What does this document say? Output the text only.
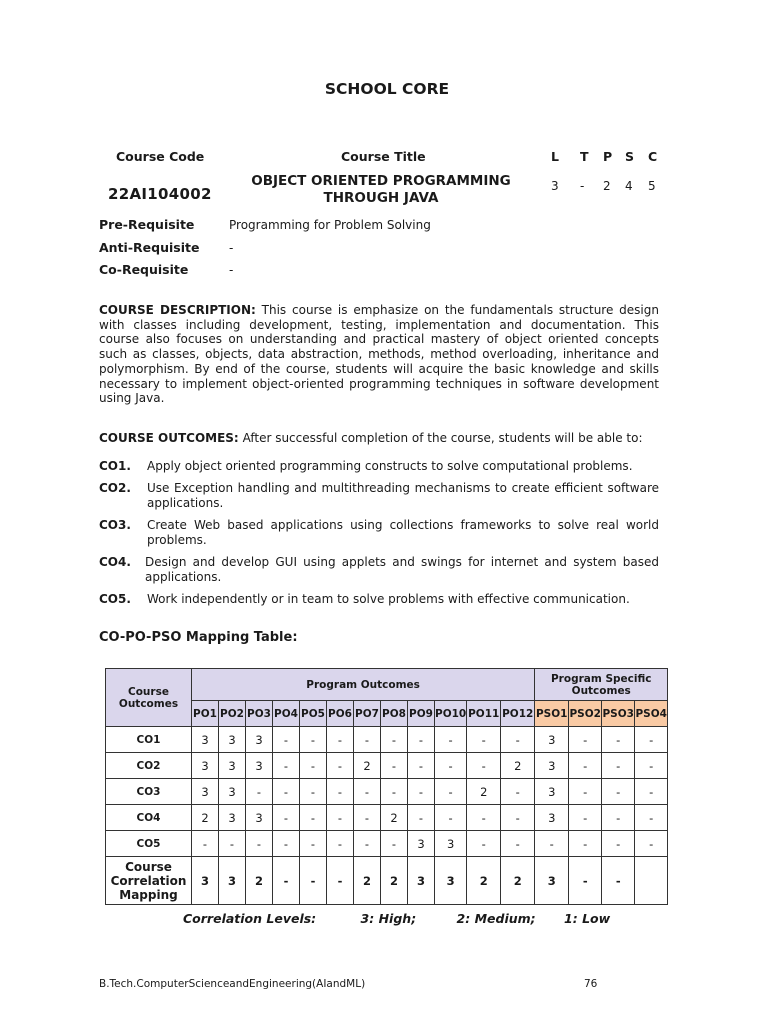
SCHOOL CORE
Course Code	Course Title	L T P S C
22AI104002
OBJECT ORIENTED PROGRAMMING
THROUGH JAVA
3 - 2 4 5
Pre-Requisite	Programming for Problem Solving
Anti-Requisite -
Co-Requisite	-
COURSE DESCRIPTION: This course is emphasize on the fundamentals structure design with classes including development, testing, implementation and documentation. This course also focuses on understanding and practical mastery of object oriented concepts such as classes, objects, data abstraction, methods, method overloading, inheritance and polymorphism. By end of the course, students will acquire the basic knowledge and skills necessary to implement object-oriented programming techniques in software development using Java.
COURSE OUTCOMES: After successful completion of the course, students will be able to:
CO1. Apply object oriented programming constructs to solve computational problems.
CO2. Use Exception handling and multithreading mechanisms to create efficient software applications.
CO3. Create Web based applications using collections frameworks to solve real world problems.
CO4. Design and develop GUI using applets and swings for internet and system based applications.
CO5. Work independently or in team to solve problems with effective communication.
CO-PO-PSO Mapping Table:
Course Outcomes	Program Outcomes												Program Specific Outcomes			
	PO1	PO2	PO3	PO4	PO5	PO6	PO7	PO8	PO9	PO10	PO11	PO12	PSO1	PSO2	PSO3	PSO4
CO1	3	3	3	-	-	-	-	-	-	-	-	-	3	-	-	-
CO2	3	3	3	-	-	-	2	-	-	-	-	2	3	-	-	-
CO3	3	3	-	-	-	-	-	-	-	-	2	-	3	-	-	-
CO4	2	3	3	-	-	-	-	2	-	-	-	-	3	-	-	-
CO5	-	-	-	-	-	-	-	-	3	3	-	-	-	-	-	-
Course Correlation Mapping	3	3	2	-	-	-	2	2	3	3	2	2	3	-	-	
Correlation Levels:	3: High;	2: Medium; 1: Low
B.Tech.ComputerScienceandEngineering(AIandML)	76
